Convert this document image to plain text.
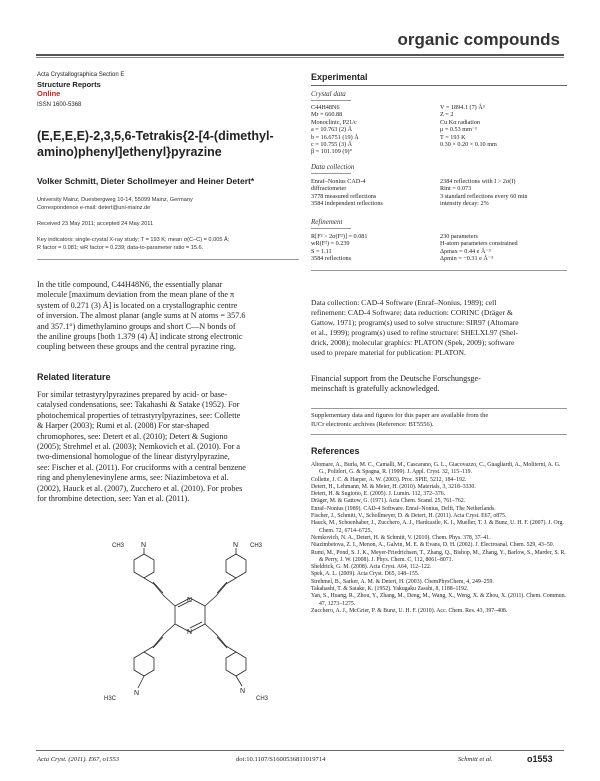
organic compounds
Acta Crystallographica Section E
Structure Reports
Online
ISSN 1600-5368
(E,E,E,E)-2,3,5,6-Tetrakis{2-[4-(dimethyl-
amino)phenyl]ethenyl}pyrazine
Volker Schmitt, Dieter Schollmeyer and Heiner Detert*
University Mainz, Duesbergweg 10-14, 55099 Mainz, Germany
Correspondence e-mail: detert@uni-mainz.de
Received 23 May 2011; accepted 24 May 2011
Key indicators: single-crystal X-ray study; T = 193 K; mean σ(C–C) = 0.005 Å;
R factor = 0.081; wR factor = 0.239; data-to-parameter ratio = 15.6.
In the title compound, C44H48N6, the essentially planar
molecule [maximum deviation from the mean plane of the π
system of 0.271 (3) Å] is located on a crystallographic centre
of inversion. The almost planar (angle sums at N atoms = 357.6
and 357.1°) dimethylamino groups and short C—N bonds of
the aniline groups [both 1.379 (4) Å] indicate strong electronic
coupling between these groups and the central pyrazine ring.
Related literature
For similar tetrastyrylpyrazines prepared by acid- or base-
catalysed condensations, see: Takahashi & Satake (1952). For
photochemical properties of tetrastyrylpyrazines, see: Collette
& Harper (2003); Rumi et al. (2008) For star-shaped
chromophores, see: Detert et al. (2010); Detert & Sugiono
(2005); Strehmel et al. (2003); Nemkovich et al. (2010). For a
two-dimensional homologue of the linear distyrylpyrazine,
see: Fischer et al. (2011). For cruciforms with a central benzene
ring and phenylenevinylene arms, see: Niazimbetova et al.
(2002), Hauck et al. (2007), Zucchero et al. (2010). For probes
for thrombine detection, see: Yan et al. (2011).
N
N
N	N
N	N
CH3	CH3
H3C	CH3
Experimental
Crystal data
C44H48N6
Mr = 660.88
Monoclinic, P21/c
a = 10.763 (2) Å
b = 16.6751 (19) Å
c = 10.755 (3) Å
β = 101.109 (9)°
V = 1894.1 (7) Å³
Z = 2
Cu Kα radiation
μ = 0.53 mm⁻¹
T = 193 K
0.30 × 0.20 × 0.10 mm
Data collection
Enraf–Nonius CAD-4
diffractometer
3778 measured reflections
3584 independent reflections
2384 reflections with I > 2σ(I)
Rint = 0.073
3 standard reflections every 60 min
intensity decay: 2%
Refinement
R[F² > 2σ(F²)] = 0.081
wR(F²) = 0.239
S = 1.11
3584 reflections
230 parameters
H-atom parameters constrained
Δρmax = 0.44 e Å⁻³
Δρmin = −0.31 e Å⁻³
Data collection: CAD-4 Software (Enraf–Nonius, 1989); cell
refinement: CAD-4 Software; data reduction: CORINC (Dräger &
Gattow, 1971); program(s) used to solve structure: SIR97 (Altomare
et al., 1999); program(s) used to refine structure: SHELXL97 (Shel-
drick, 2008); molecular graphics: PLATON (Spek, 2009); software
used to prepare material for publication: PLATON.
Financial support from the Deutsche Forschungsge-
meinschaft is gratefully acknowledged.
Supplementary data and figures for this paper are available from the
IUCr electronic archives (Reference: BT5556).
References
Altomare, A., Burla, M. C., Camalli, M., Cascarano, G. L., Giacovazzo, C., Guagliardi, A., Moliterni, A. G. G., Polidori, G. & Spagna, R. (1999). J. Appl. Cryst. 32, 115–119.
Collette, J. C. & Harper, A. W. (2003). Proc. SPIE, 5212, 184–192.
Detert, H., Lehmann, M. & Meier, H. (2010). Materials, 3, 3218–3330.
Detert, H. & Sugiono, E. (2005). J. Lumin. 112, 372–376.
Dräger, M. & Gattow, G. (1971). Acta Chem. Scand. 25, 761–762.
Enraf–Nonius (1989). CAD-4 Software. Enraf–Nonius, Delft, The Netherlands.
Fischer, J., Schmitt, V., Schollmeyer, D. & Detert, H. (2011). Acta Cryst. E67, o875.
Hauck, M., Schoenhaber, J., Zucchero, A. J., Hardcastle, K. I., Mueller, T. J. & Bunz, U. H. F. (2007). J. Org. Chem. 72, 6714–6725.
Nemkovich, N. A., Detert, H. & Schmitt, V. (2010). Chem. Phys. 378, 37–41.
Niazimbetova, Z. I., Menon, A., Galvin, M. E. & Evans, D. H. (2002). J. Electroanal. Chem. 529, 43–50.
Rumi, M., Pond, S. J. K., Meyer-Friedrichsen, T., Zhang, Q., Bishop, M., Zhang, Y., Barlow, S., Marder, S. R. & Perry, J. W. (2008). J. Phys. Chem. C, 112, 8061–8071.
Sheldrick, G. M. (2008). Acta Cryst. A64, 112–122.
Spek, A. L. (2009). Acta Cryst. D65, 148–155.
Strehmel, B., Sarker, A. M. & Detert, H. (2003). ChemPhysChem, 4, 249–259.
Takahashi, T. & Satake, K. (1952). Yakugaku Zasshi, 8, 1188–1192.
Yan, S., Huang, R., Zhou, Y., Zhang, M., Deng, M., Wang, X., Weng, X. & Zhou, X. (2011). Chem. Commun. 47, 1273–1275.
Zucchero, A. J., McGrier, P. & Bunz, U. H. F. (2010). Acc. Chem. Res. 43, 397–408.
Acta Cryst. (2011). E67, o1553	doi:10.1107/S1600536811019714	Schmitt et al.	o1553
